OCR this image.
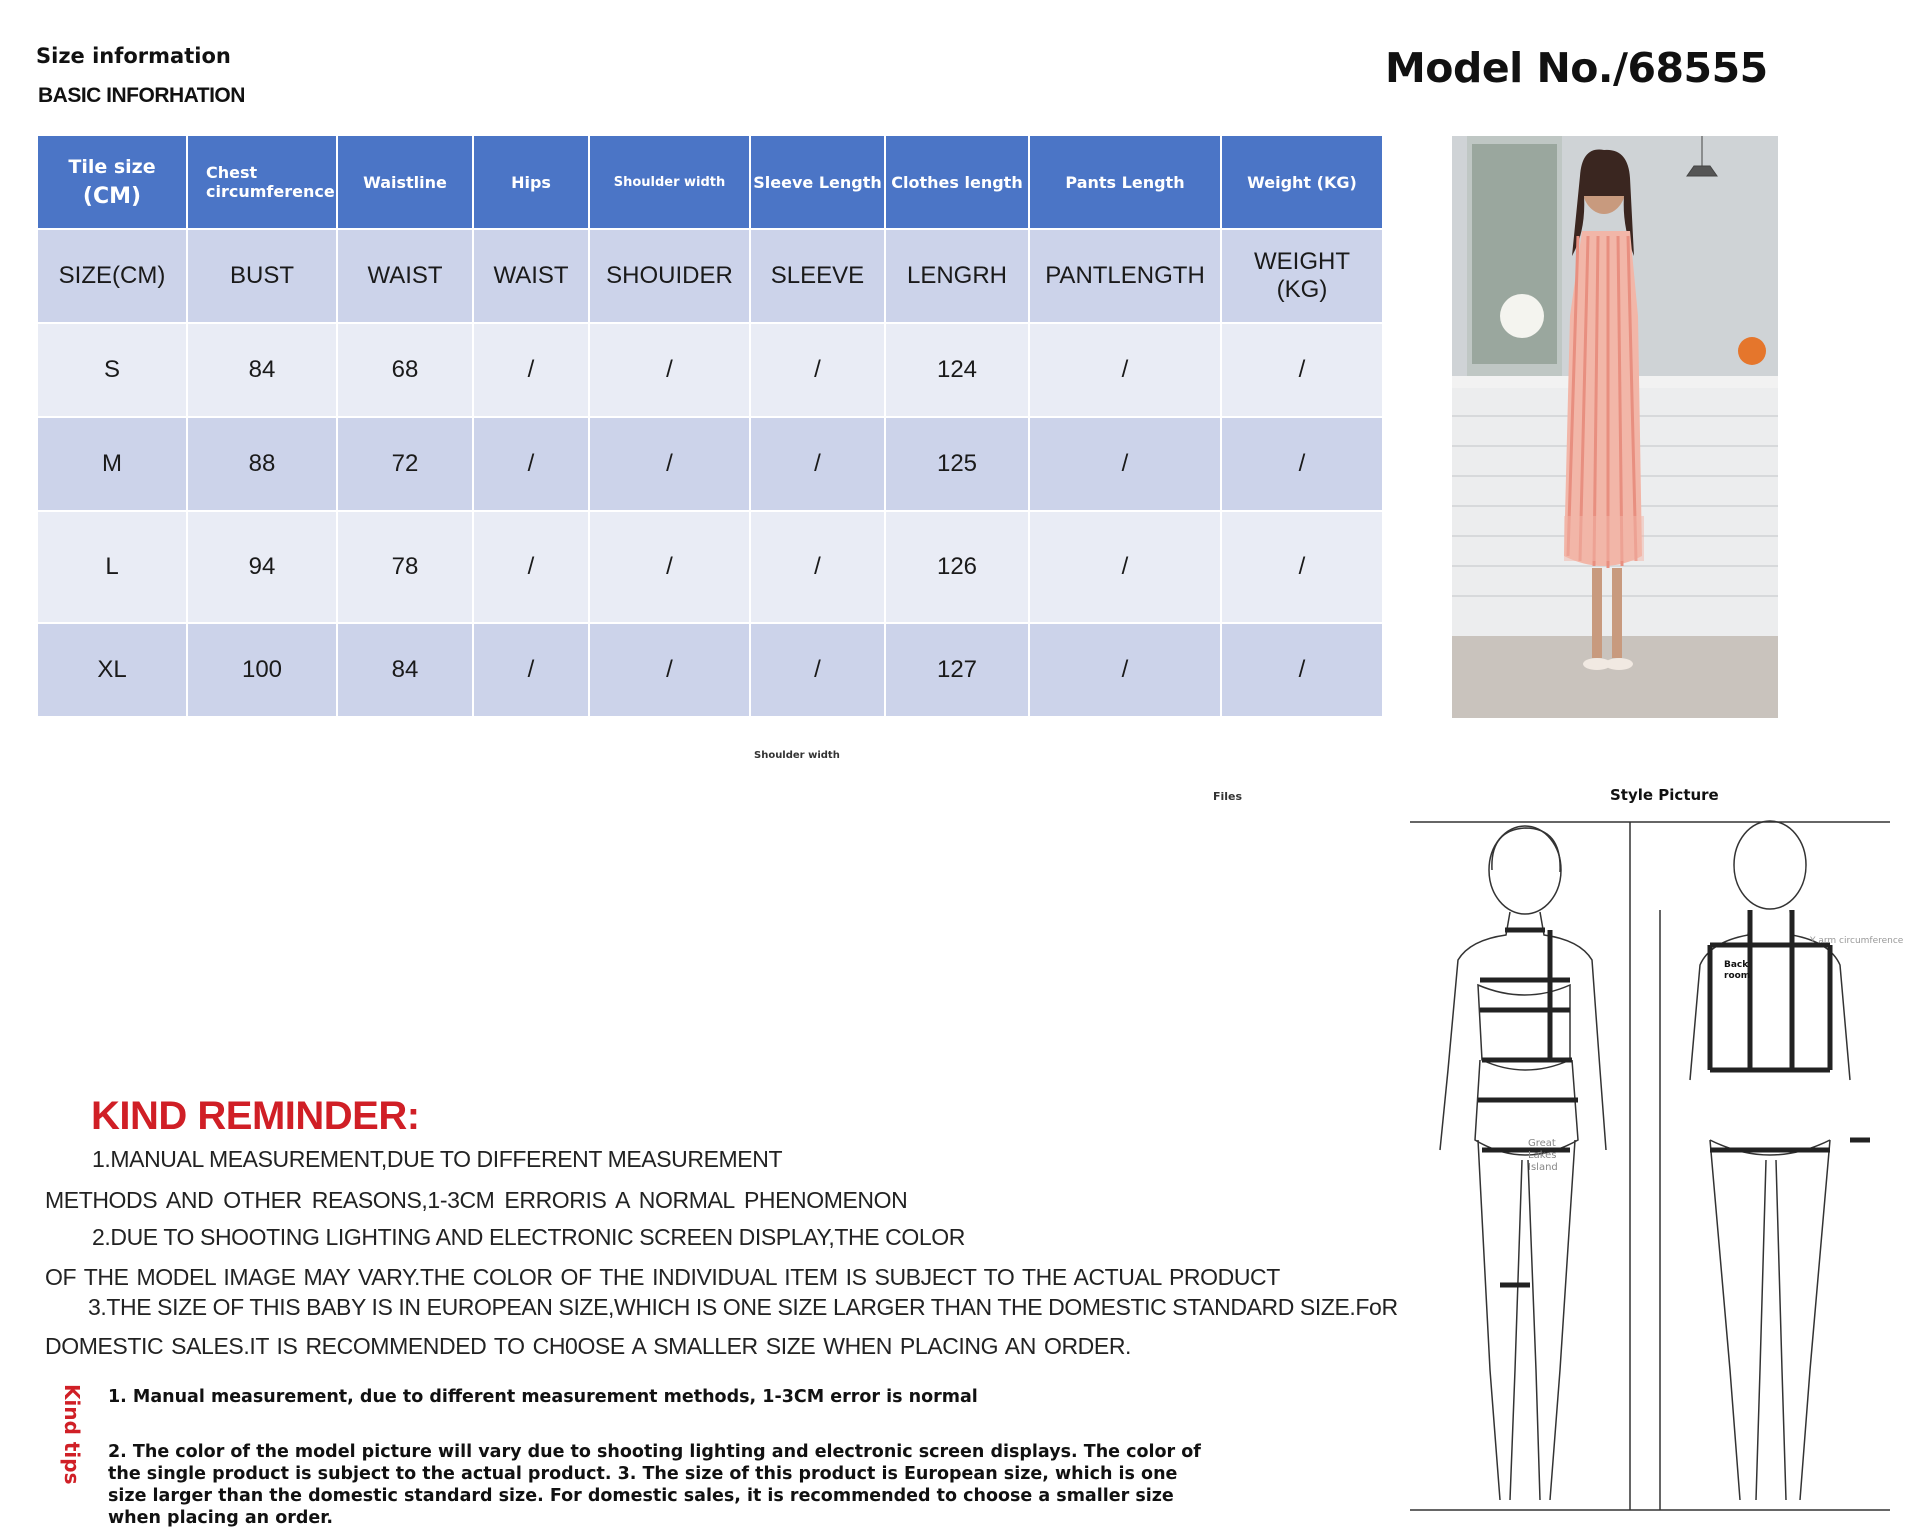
Size information
BASIC INFORHATION
Model No./68555
Tile size
(CM)	Chest circumference	Waistline	Hips	Shoulder width	Sleeve Length	Clothes length	Pants Length	Weight (KG)
SIZE(CM)	BUST	WAIST	WAIST	SHOUIDER	SLEEVE	LENGRH	PANTLENGTH	WEIGHT (KG)
S	84	68	/	/	/	124	/	/
M	88	72	/	/	/	125	/	/
L	94	78	/	/	/	126	/	/
XL	100	84	/	/	/	127	/	/
Shoulder width
Files	Style Picture
Back
room
Great
Lakes
Island
Y arm circumference
KIND REMINDER:
1.MANUAL MEASUREMENT,DUE TO DIFFERENT MEASUREMENT
METHODS AND OTHER REASONS,1-3CM ERRORIS A NORMAL PHENOMENON
2.DUE TO SHOOTING LIGHTING AND ELECTRONIC SCREEN DISPLAY,THE COLOR
OF THE MODEL IMAGE MAY VARY.THE COLOR OF THE INDIVIDUAL ITEM IS SUBJECT TO THE ACTUAL PRODUCT
3.THE SIZE OF THIS BABY IS IN EUROPEAN SIZE,WHICH IS ONE SIZE LARGER THAN THE DOMESTIC STANDARD SIZE.FoR
DOMESTIC SALES.IT IS RECOMMENDED TO CH0OSE A SMALLER SIZE WHEN PLACING AN ORDER.
Kind tips 1. Manual measurement, due to different measurement methods, 1-3CM error is normal
2. The color of the model picture will vary due to shooting lighting and electronic screen displays. The color of the single product is subject to the actual product. 3. The size of this product is European size, which is one size larger than the domestic standard size. For domestic sales, it is recommended to choose a smaller size when placing an order.
